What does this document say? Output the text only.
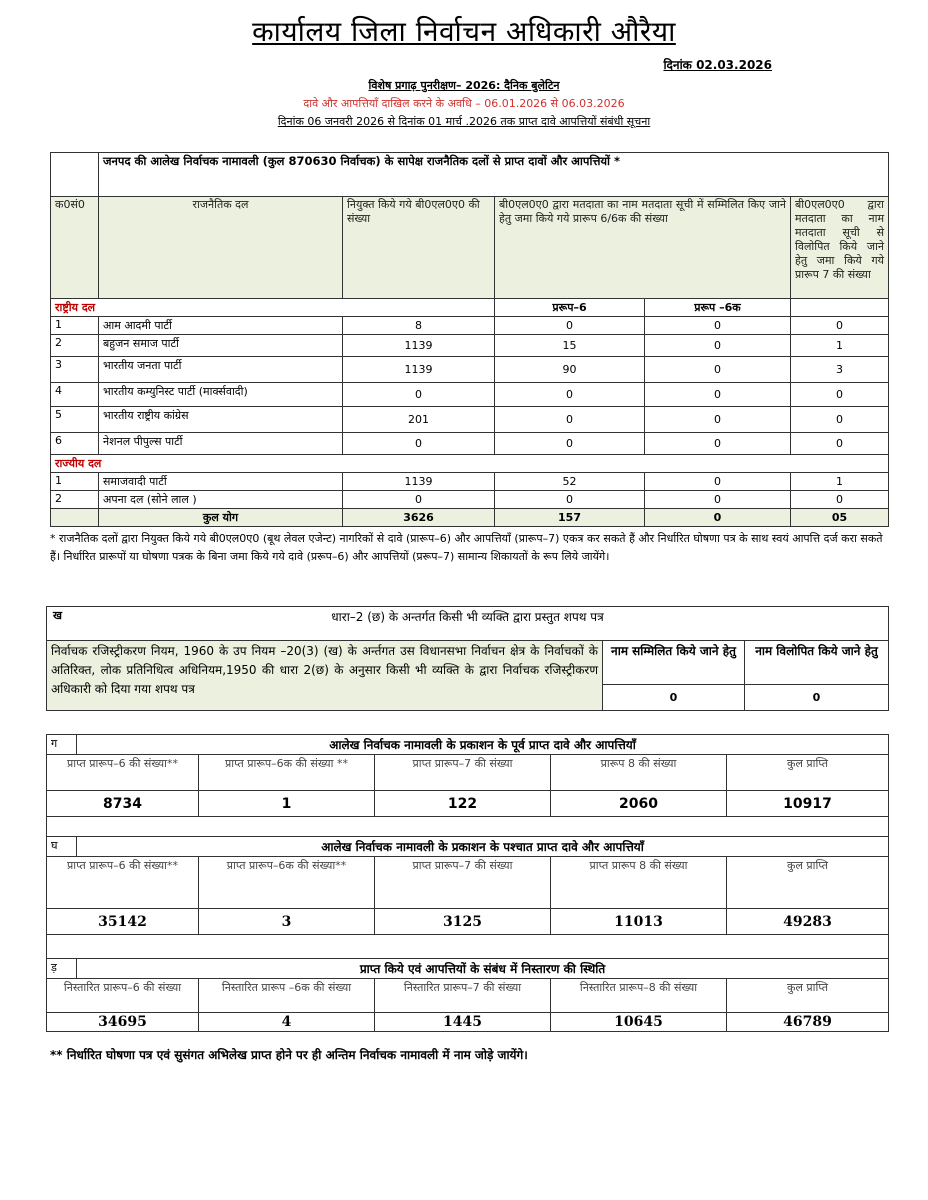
कार्यालय जिला निर्वाचन अधिकारी औरैया
दिनांक 02.03.2026
विशेष प्रगाढ़ पुनरीक्षण– 2026: दैनिक बुलेटिन
दावे और आपत्तियाँ दाखिल करने के अवधि – 06.01.2026 से 06.03.2026
दिनांक 06 जनवरी 2026 से दिनांक 01 मार्च .2026 तक प्राप्त दावे आपत्तियों संबंधी सूचना
	जनपद की आलेख निर्वाचक नामावली (कुल 870630 निर्वाचक) के सापेक्ष राजनैतिक दलों से प्राप्त दावों और आपत्तियों *				
क0सं0	राजनैतिक दल	नियुक्त किये गये बी0एल0ए0 की संख्या	बी0एल0ए0 द्वारा मतदाता का नाम मतदाता सूची में सम्मिलित किए जाने हेतु जमा किये गये प्रारूप 6/6क की संख्या		बी0एल0ए0 द्वारा मतदाता का नाम मतदाता सूची से विलोपित किये जाने हेतु जमा किये गये प्रारूप 7 की संख्या
राष्ट्रीय दल			प्ररूप–6	प्ररूप –6क	
1	आम आदमी पार्टी	8	0	0	0
2	बहुजन समाज पार्टी	1139	15	0	1
3	भारतीय जनता पार्टी	1139	90	0	3
4	भारतीय कम्युनिस्ट पार्टी (मार्क्सवादी)	0	0	0	0
5	भारतीय राष्ट्रीय कांग्रेस	201	0	0	0
6	नेशनल पीपुल्स पार्टी	0	0	0	0
राज्यीय दल					
1	समाजवादी पार्टी	1139	52	0	1
2	अपना दल (सोने लाल )	0	0	0	0
	कुल योग	3626	157	0	05
* राजनैतिक दलों द्वारा नियुक्त किये गये बी0एल0ए0 (बूथ लेवल एजेन्ट) नागरिकों से दावे (प्रारूप–6) और आपत्तियाँ (प्रारूप–7) एकत्र कर सकते हैं और निर्धारित घोषणा पत्र के साथ स्वयं आपत्ति दर्ज करा सकते हैं। निर्धारित प्रारूपों या घोषणा पत्रक के बिना जमा किये गये दावे (प्ररूप–6) और आपत्तियों (प्ररूप–7) सामान्य शिकायतों के रूप लिये जायेंगे।
ख धारा–2 (छ) के अन्तर्गत किसी भी व्यक्ति द्वारा प्रस्तुत शपथ पत्र		

निर्वाचक रजिस्ट्रीकरण नियम, 1960 के उप नियम –20(3) (ख) के अर्न्तगत उस विधानसभा निर्वाचन क्षेत्र के निर्वाचकों के अतिरिक्त, लोक प्रतिनिधित्व अधिनियम,1950 की धारा 2(छ) के अनुसार किसी भी व्यक्ति के द्वारा निर्वाचक रजिस्ट्रीकरण अधिकारी को दिया गया शपथ पत्र	नाम सम्मिलित किये जाने हेतु	नाम विलोपित किये जाने हेतु
	0	0
ग	आलेख निर्वाचक नामावली के प्रकाशन के पूर्व प्राप्त दावे और आपत्तियाँ				
प्राप्त प्रारूप–6 की संख्या**		प्राप्त प्रारूप–6क की संख्या **	प्राप्त प्रारूप–7 की संख्या	प्रारूप 8 की संख्या	कुल प्राप्ति
8734		1	122	2060	10917

घ	आलेख निर्वाचक नामावली के प्रकाशन के पश्चात प्राप्त दावे और आपत्तियाँ				
प्राप्त प्रारूप–6 की संख्या**		प्राप्त प्रारूप–6क की संख्या**	प्राप्त प्रारूप–7 की संख्या	प्राप्त प्रारूप 8 की संख्या	कुल प्राप्ति
35142		3	3125	11013	49283

ड़	प्राप्त किये एवं आपत्तियों के संबंध में निस्तारण की स्थिति				
निस्तारित प्रारूप–6 की संख्या		निस्तारित प्रारूप –6क की संख्या	निस्तारित प्रारूप–7 की संख्या	निस्तारित प्रारूप–8 की संख्या	कुल प्राप्ति
34695		4	1445	10645	46789
** निर्धारित घोषणा पत्र एवं सुसंगत अभिलेख प्राप्त होने पर ही अन्तिम निर्वाचक नामावली में नाम जोड़े जायेंगे।
